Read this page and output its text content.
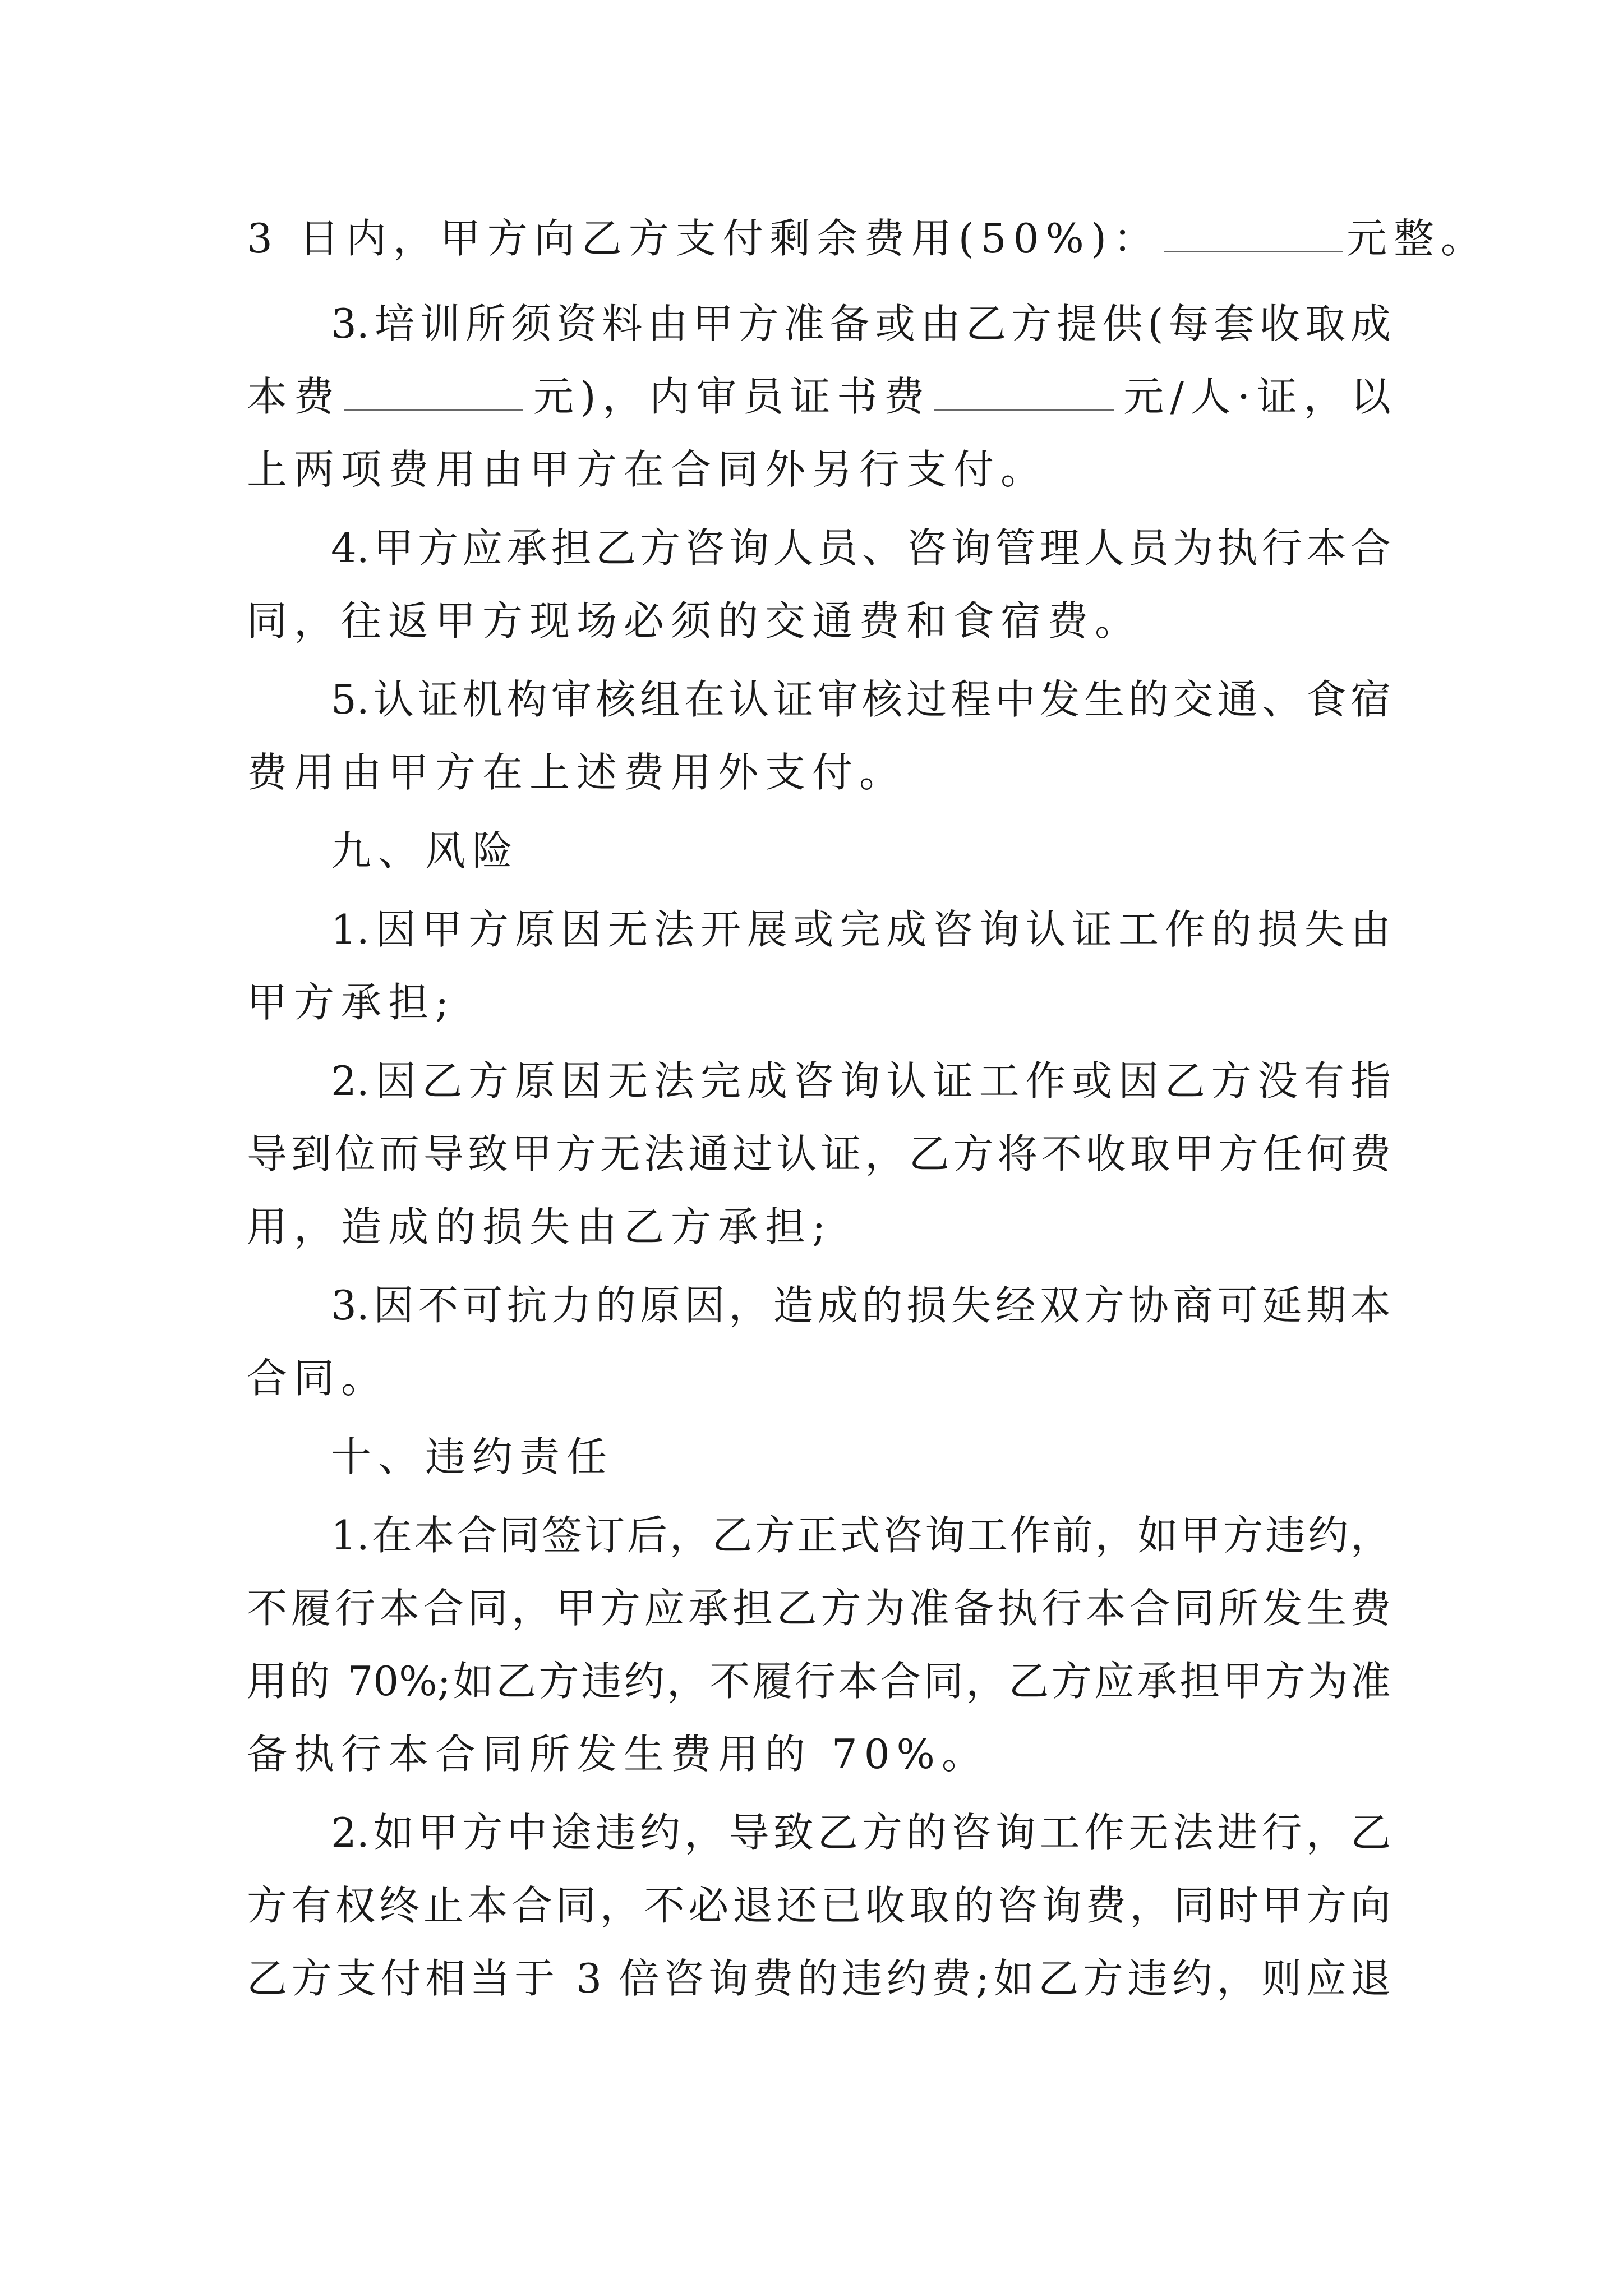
3 日内，甲方向乙方支付剩余费用(50%)：	元整。
3.培训所须资料由甲方准备或由乙方提供(每套收取成
本费	元)，内审员证书费	元/人·证，以
上两项费用由甲方在合同外另行支付。
4.甲方应承担乙方咨询人员、咨询管理人员为执行本合
同，往返甲方现场必须的交通费和食宿费。
5.认证机构审核组在认证审核过程中发生的交通、食宿
费用由甲方在上述费用外支付。
九、风险
1.因甲方原因无法开展或完成咨询认证工作的损失由
甲方承担;
2.因乙方原因无法完成咨询认证工作或因乙方没有指
导到位而导致甲方无法通过认证，乙方将不收取甲方任何费
用，造成的损失由乙方承担;
3.因不可抗力的原因，造成的损失经双方协商可延期本
合同。
十、违约责任
1.在本合同签订后，乙方正式咨询工作前，如甲方违约，
不履行本合同，甲方应承担乙方为准备执行本合同所发生费
用的 70%;如乙方违约，不履行本合同，乙方应承担甲方为准
备执行本合同所发生费用的 70%。
2.如甲方中途违约，导致乙方的咨询工作无法进行，乙
方有权终止本合同，不必退还已收取的咨询费，同时甲方向
乙方支付相当于 3 倍咨询费的违约费;如乙方违约，则应退
